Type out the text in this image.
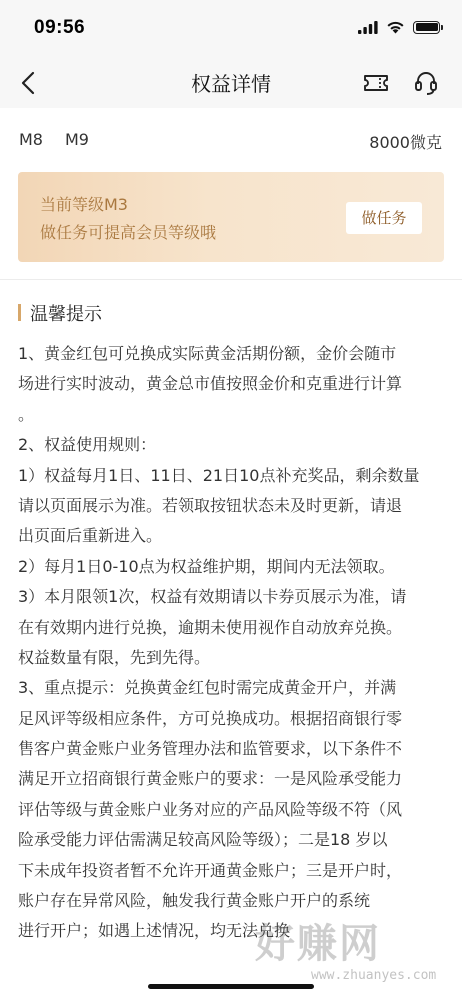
09:56
权益详情
M8 M9	8000微克
当前等级M3
做任务可提高会员等级哦
做任务
温馨提示
1、黄金红包可兑换成实际黄金活期份额，金价会随市
场进行实时波动，黄金总市值按照金价和克重进行计算
。
2、权益使用规则：
1）权益每月1日、11日、21日10点补充奖品，剩余数量
请以页面展示为准。若领取按钮状态未及时更新，请退
出页面后重新进入。
2）每月1日0-10点为权益维护期，期间内无法领取。
3）本月限领1次，权益有效期请以卡券页展示为准，请
在有效期内进行兑换，逾期未使用视作自动放弃兑换。
权益数量有限，先到先得。
3、重点提示：兑换黄金红包时需完成黄金开户，并满
足风评等级相应条件，方可兑换成功。根据招商银行零
售客户黄金账户业务管理办法和监管要求，以下条件不
满足开立招商银行黄金账户的要求：一是风险承受能力
评估等级与黄金账户业务对应的产品风险等级不符（风
险承受能力评估需满足较高风险等级）；二是18 岁以
下未成年投资者暂不允许开通黄金账户；三是开户时，
账户存在异常风险，触发我行黄金账户开户的系统
进行开户；如遇上述情况，均无法兑换
好赚网
www.zhuanyes.com
